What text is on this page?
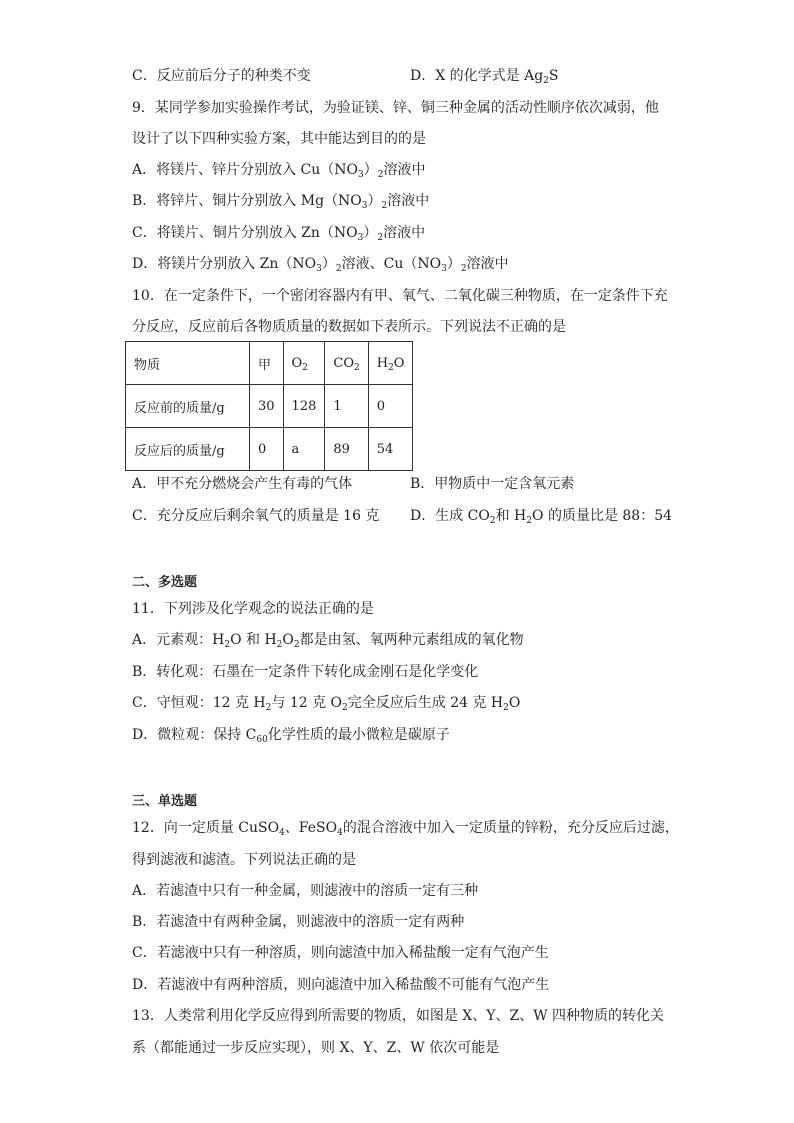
C．反应前后分子的种类不变	D．X 的化学式是 $Ag_2S$
9．某同学参加实验操作考试，为验证镁、锌、铜三种金属的活动性顺序依次减弱，他
设计了以下四种实验方案，其中能达到目的的是
A．将镁片、锌片分别放入 $Cu(NO_3)_2$溶液中
B．将锌片、铜片分别放入 $Mg(NO_3)_2$溶液中
C．将镁片、铜片分别放入 $Zn(NO_3)_2$溶液中
D．将镁片分别放入 $Zn(NO_3)_2$溶液、$Cu(NO_3)_2$溶液中
10．在一定条件下，一个密闭容器内有甲、氧气、二氧化碳三种物质，在一定条件下充
分反应，反应前后各物质质量的数据如下表所示。下列说法不正确的是
物质	甲	$O_2$	$CO_2$	$H_2O$
反应前的质量/g	30	128	1	0
反应后的质量/g	0	a	89	54
A．甲不充分燃烧会产生有毒的气体	B．甲物质中一定含氧元素
C．充分反应后剩余氧气的质量是 16 克 D．生成 $CO_2$和 $H_2O$ 的质量比是 88：54
二、多选题
11．下列涉及化学观念的说法正确的是
A．元素观：$H_2O$ 和 $H_2O_2$都是由氢、氧两种元素组成的氧化物
B．转化观：石墨在一定条件下转化成金刚石是化学变化
C．守恒观：12 克 $H_2$与 12 克 $O_2$完全反应后生成 24 克 $H_2O$
D．微粒观：保持 $C_{60}$化学性质的最小微粒是碳原子
三、单选题
12．向一定质量 CuSO$_4$、FeSO$_4$的混合溶液中加入一定质量的锌粉，充分反应后过滤，
得到滤液和滤渣。下列说法正确的是
A．若滤渣中只有一种金属，则滤液中的溶质一定有三种
B．若滤渣中有两种金属，则滤液中的溶质一定有两种
C．若滤液中只有一种溶质，则向滤渣中加入稀盐酸一定有气泡产生
D．若滤液中有两种溶质，则向滤渣中加入稀盐酸不可能有气泡产生
13．人类常利用化学反应得到所需要的物质，如图是 X、Y、Z、W 四种物质的转化关
系（都能通过一步反应实现），则 X、Y、Z、W 依次可能是
